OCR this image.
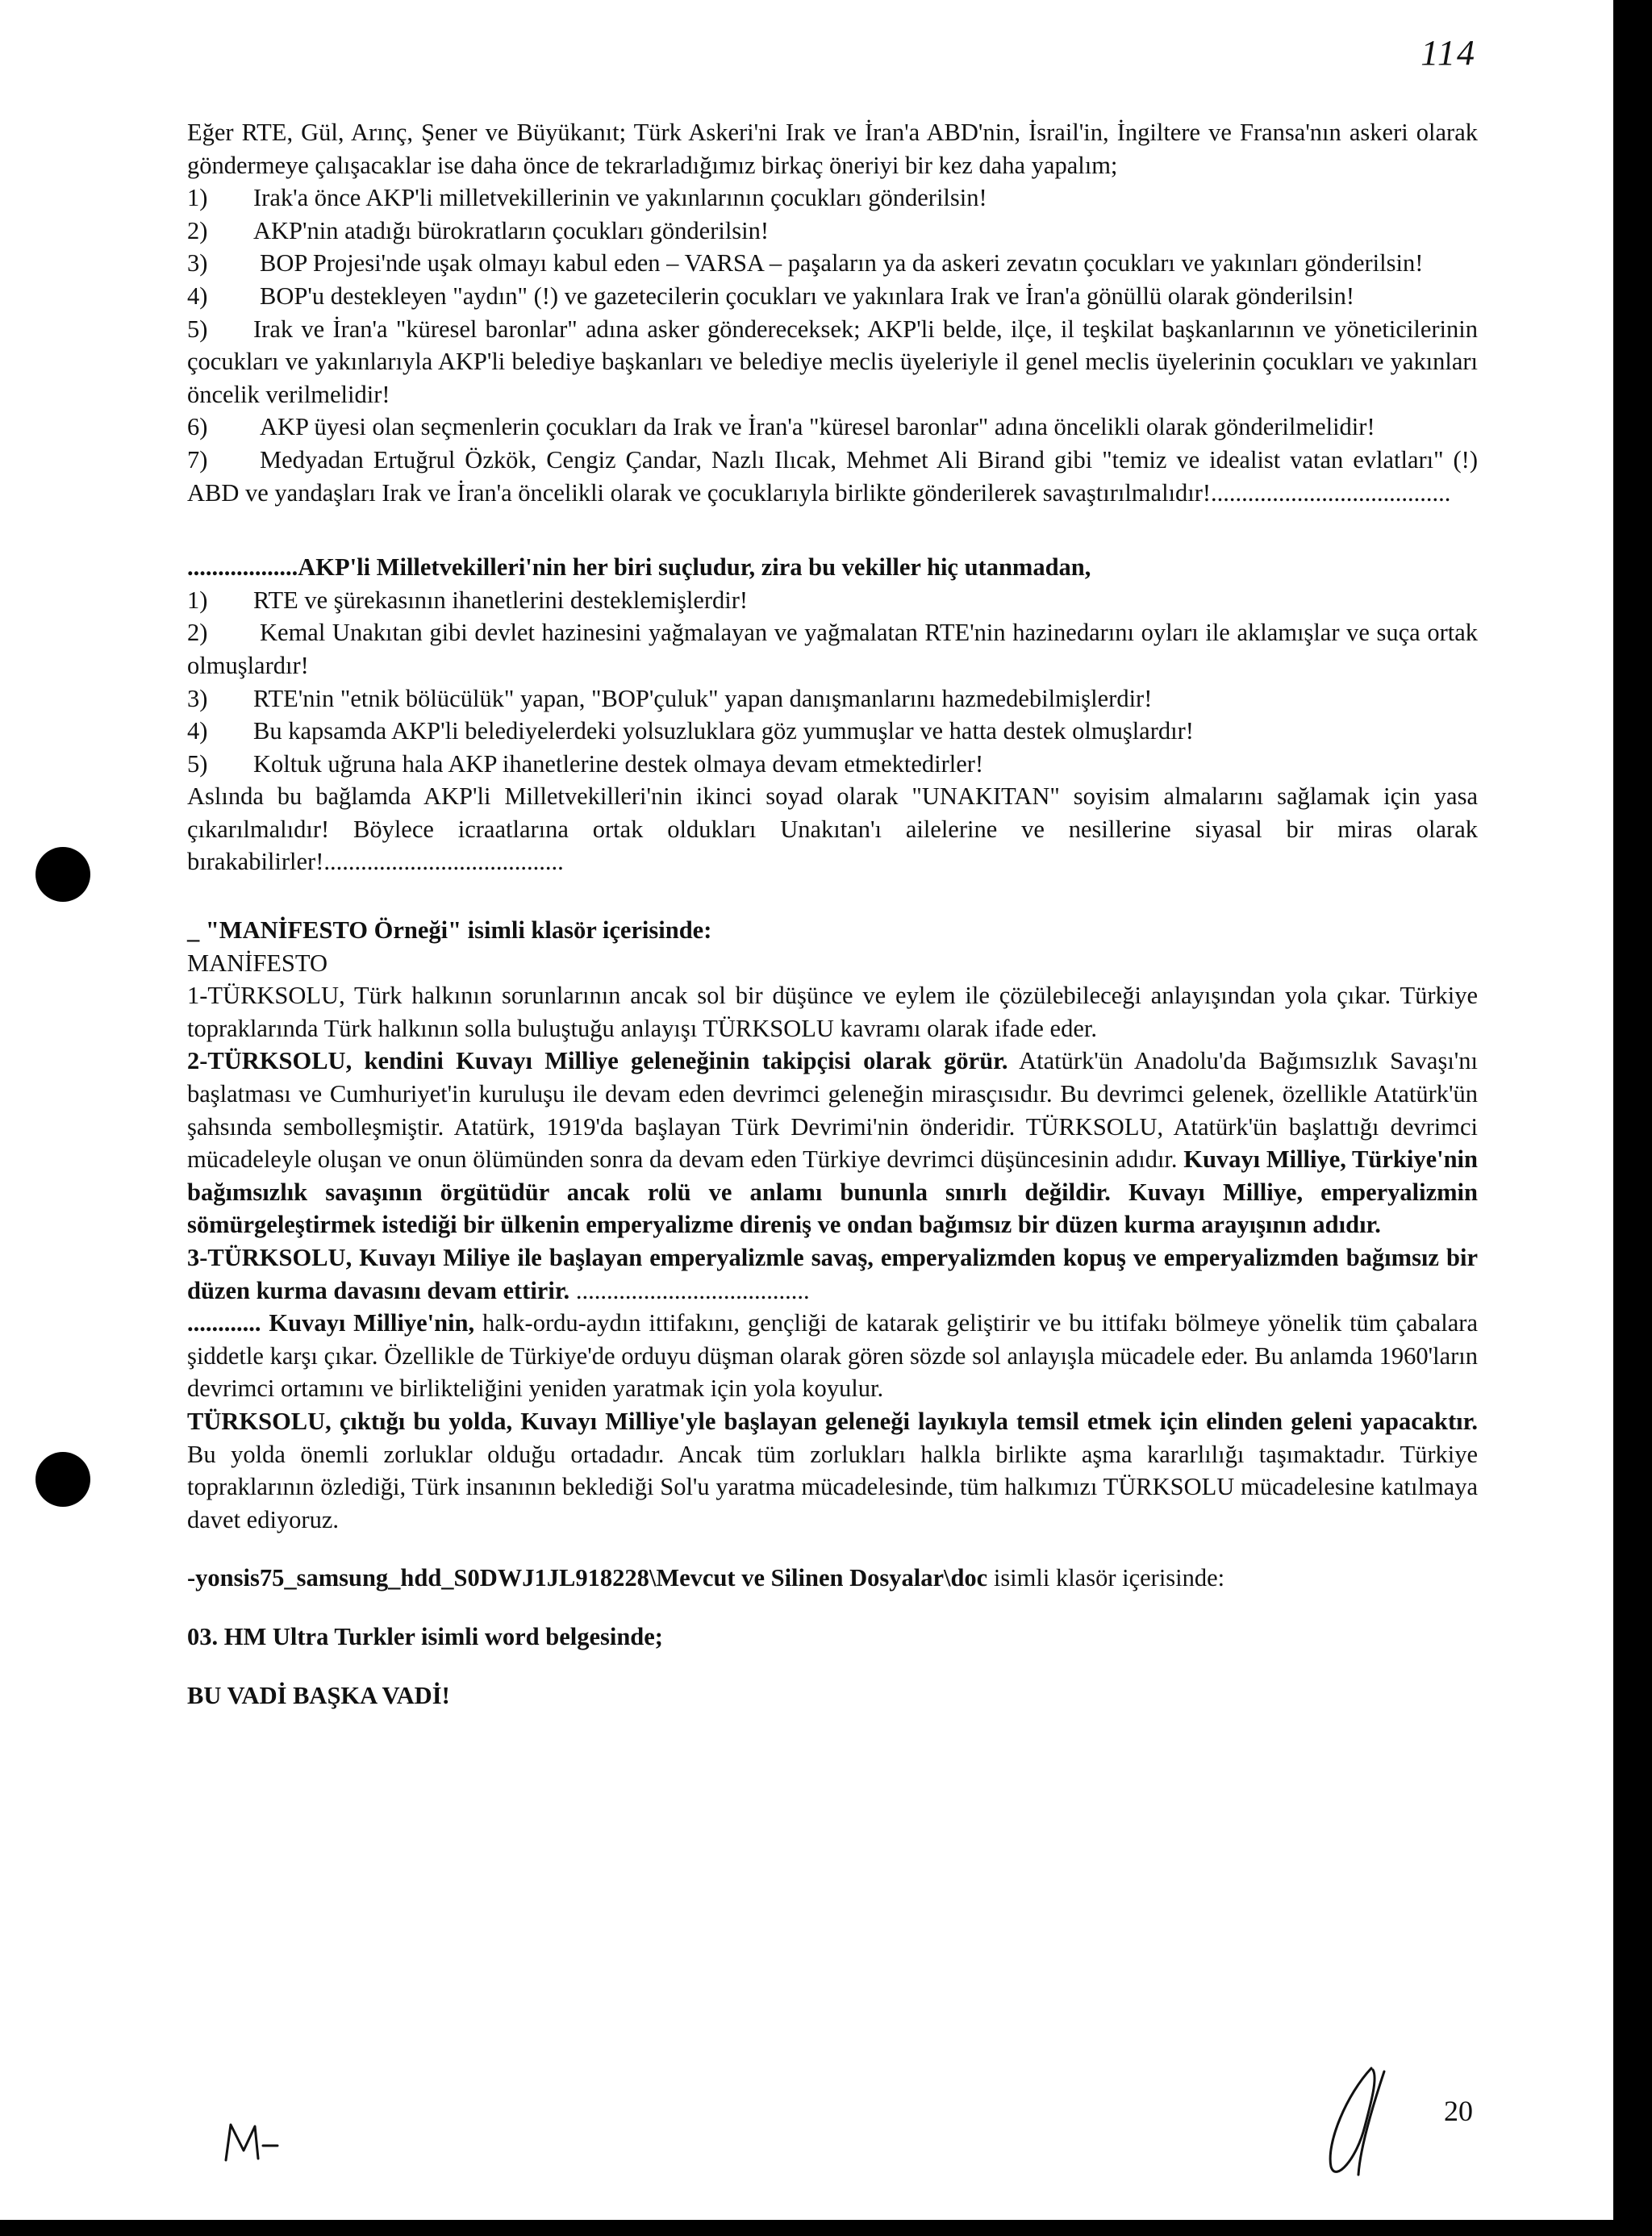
114

Eğer RTE, Gül, Arınç, Şener ve Büyükanıt; Türk Askeri'ni Irak ve İran'a ABD'nin, İsrail'in, İngiltere ve Fransa'nın askeri olarak göndermeye çalışacaklar ise daha önce de tekrarladığımız birkaç öneriyi bir kez daha yapalım;

1)	Irak'a önce AKP'li milletvekillerinin ve yakınlarının çocukları gönderilsin!
2)	AKP'nin atadığı bürokratların çocukları gönderilsin!

3) BOP Projesi'nde uşak olmayı kabul eden – VARSA – paşaların ya da askeri zevatın çocukları ve yakınları gönderilsin!

4) BOP'u destekleyen "aydın" (!) ve gazetecilerin çocukları ve yakınlara Irak ve İran'a gönüllü olarak gönderilsin!

5) Irak ve İran'a "küresel baronlar" adına asker göndereceksek; AKP'li belde, ilçe, il teşkilat başkanlarının ve yöneticilerinin çocukları ve yakınlarıyla AKP'li belediye başkanları ve belediye meclis üyeleriyle il genel meclis üyelerinin çocukları ve yakınları öncelik verilmelidir!

6) AKP üyesi olan seçmenlerin çocukları da Irak ve İran'a "küresel baronlar" adına öncelikli olarak gönderilmelidir!

7) Medyadan Ertuğrul Özkök, Cengiz Çandar, Nazlı Ilıcak, Mehmet Ali Birand gibi "temiz ve idealist vatan evlatları" (!) ABD ve yandaşları Irak ve İran'a öncelikli olarak ve çocuklarıyla birlikte gönderilerek savaştırılmalıdır!.......................................

..................AKP'li Milletvekilleri'nin her biri suçludur, zira bu vekiller hiç utanmadan,

1)	RTE ve şürekasının ihanetlerini desteklemişlerdir!

2) Kemal Unakıtan gibi devlet hazinesini yağmalayan ve yağmalatan RTE'nin hazinedarını oyları ile aklamışlar ve suça ortak olmuşlardır!

3)	RTE'nin "etnik bölücülük" yapan, "BOP'çuluk" yapan danışmanlarını hazmedebilmişlerdir!
4)	Bu kapsamda AKP'li belediyelerdeki yolsuzluklara göz yummuşlar ve hatta destek olmuşlardır!
5)	Koltuk uğruna hala AKP ihanetlerine destek olmaya devam etmektedirler!

Aslında bu bağlamda AKP'li Milletvekilleri'nin ikinci soyad olarak "UNAKITAN" soyisim almalarını sağlamak için yasa çıkarılmalıdır! Böylece icraatlarına ortak oldukları Unakıtan'ı ailelerine ve nesillerine siyasal bir miras olarak bırakabilirler!.......................................

_ "MANİFESTO Örneği" isimli klasör içerisinde:

MANİFESTO

1-TÜRKSOLU, Türk halkının sorunlarının ancak sol bir düşünce ve eylem ile çözülebileceği anlayışından yola çıkar. Türkiye topraklarında Türk halkının solla buluştuğu anlayışı TÜRKSOLU kavramı olarak ifade eder.

2-TÜRKSOLU, kendini Kuvayı Milliye geleneğinin takipçisi olarak görür. Atatürk'ün Anadolu'da Bağımsızlık Savaşı'nı başlatması ve Cumhuriyet'in kuruluşu ile devam eden devrimci geleneğin mirasçısıdır. Bu devrimci gelenek, özellikle Atatürk'ün şahsında sembolleşmiştir. Atatürk, 1919'da başlayan Türk Devrimi'nin önderidir. TÜRKSOLU, Atatürk'ün başlattığı devrimci mücadeleyle oluşan ve onun ölümünden sonra da devam eden Türkiye devrimci düşüncesinin adıdır. Kuvayı Milliye, Türkiye'nin bağımsızlık savaşının örgütüdür ancak rolü ve anlamı bununla sınırlı değildir. Kuvayı Milliye, emperyalizmin sömürgeleştirmek istediği bir ülkenin emperyalizme direniş ve ondan bağımsız bir düzen kurma arayışının adıdır.

3-TÜRKSOLU, Kuvayı Miliye ile başlayan emperyalizmle savaş, emperyalizmden kopuş ve emperyalizmden bağımsız bir düzen kurma davasını devam ettirir. ......................................

............ Kuvayı Milliye'nin, halk-ordu-aydın ittifakını, gençliği de katarak geliştirir ve bu ittifakı bölmeye yönelik tüm çabalara şiddetle karşı çıkar. Özellikle de Türkiye'de orduyu düşman olarak gören sözde sol anlayışla mücadele eder. Bu anlamda 1960'ların devrimci ortamını ve birlikteliğini yeniden yaratmak için yola koyulur.

TÜRKSOLU, çıktığı bu yolda, Kuvayı Milliye'yle başlayan geleneği layıkıyla temsil etmek için elinden geleni yapacaktır. Bu yolda önemli zorluklar olduğu ortadadır. Ancak tüm zorlukları halkla birlikte aşma kararlılığı taşımaktadır. Türkiye topraklarının özlediği, Türk insanının beklediği Sol'u yaratma mücadelesinde, tüm halkımızı TÜRKSOLU mücadelesine katılmaya davet ediyoruz.

-yonsis75_samsung_hdd_S0DWJ1JL918228\Mevcut ve Silinen Dosyalar\doc isimli klasör içerisinde:

03. HM Ultra Turkler isimli word belgesinde;

BU VADİ BAŞKA VADİ!

20
